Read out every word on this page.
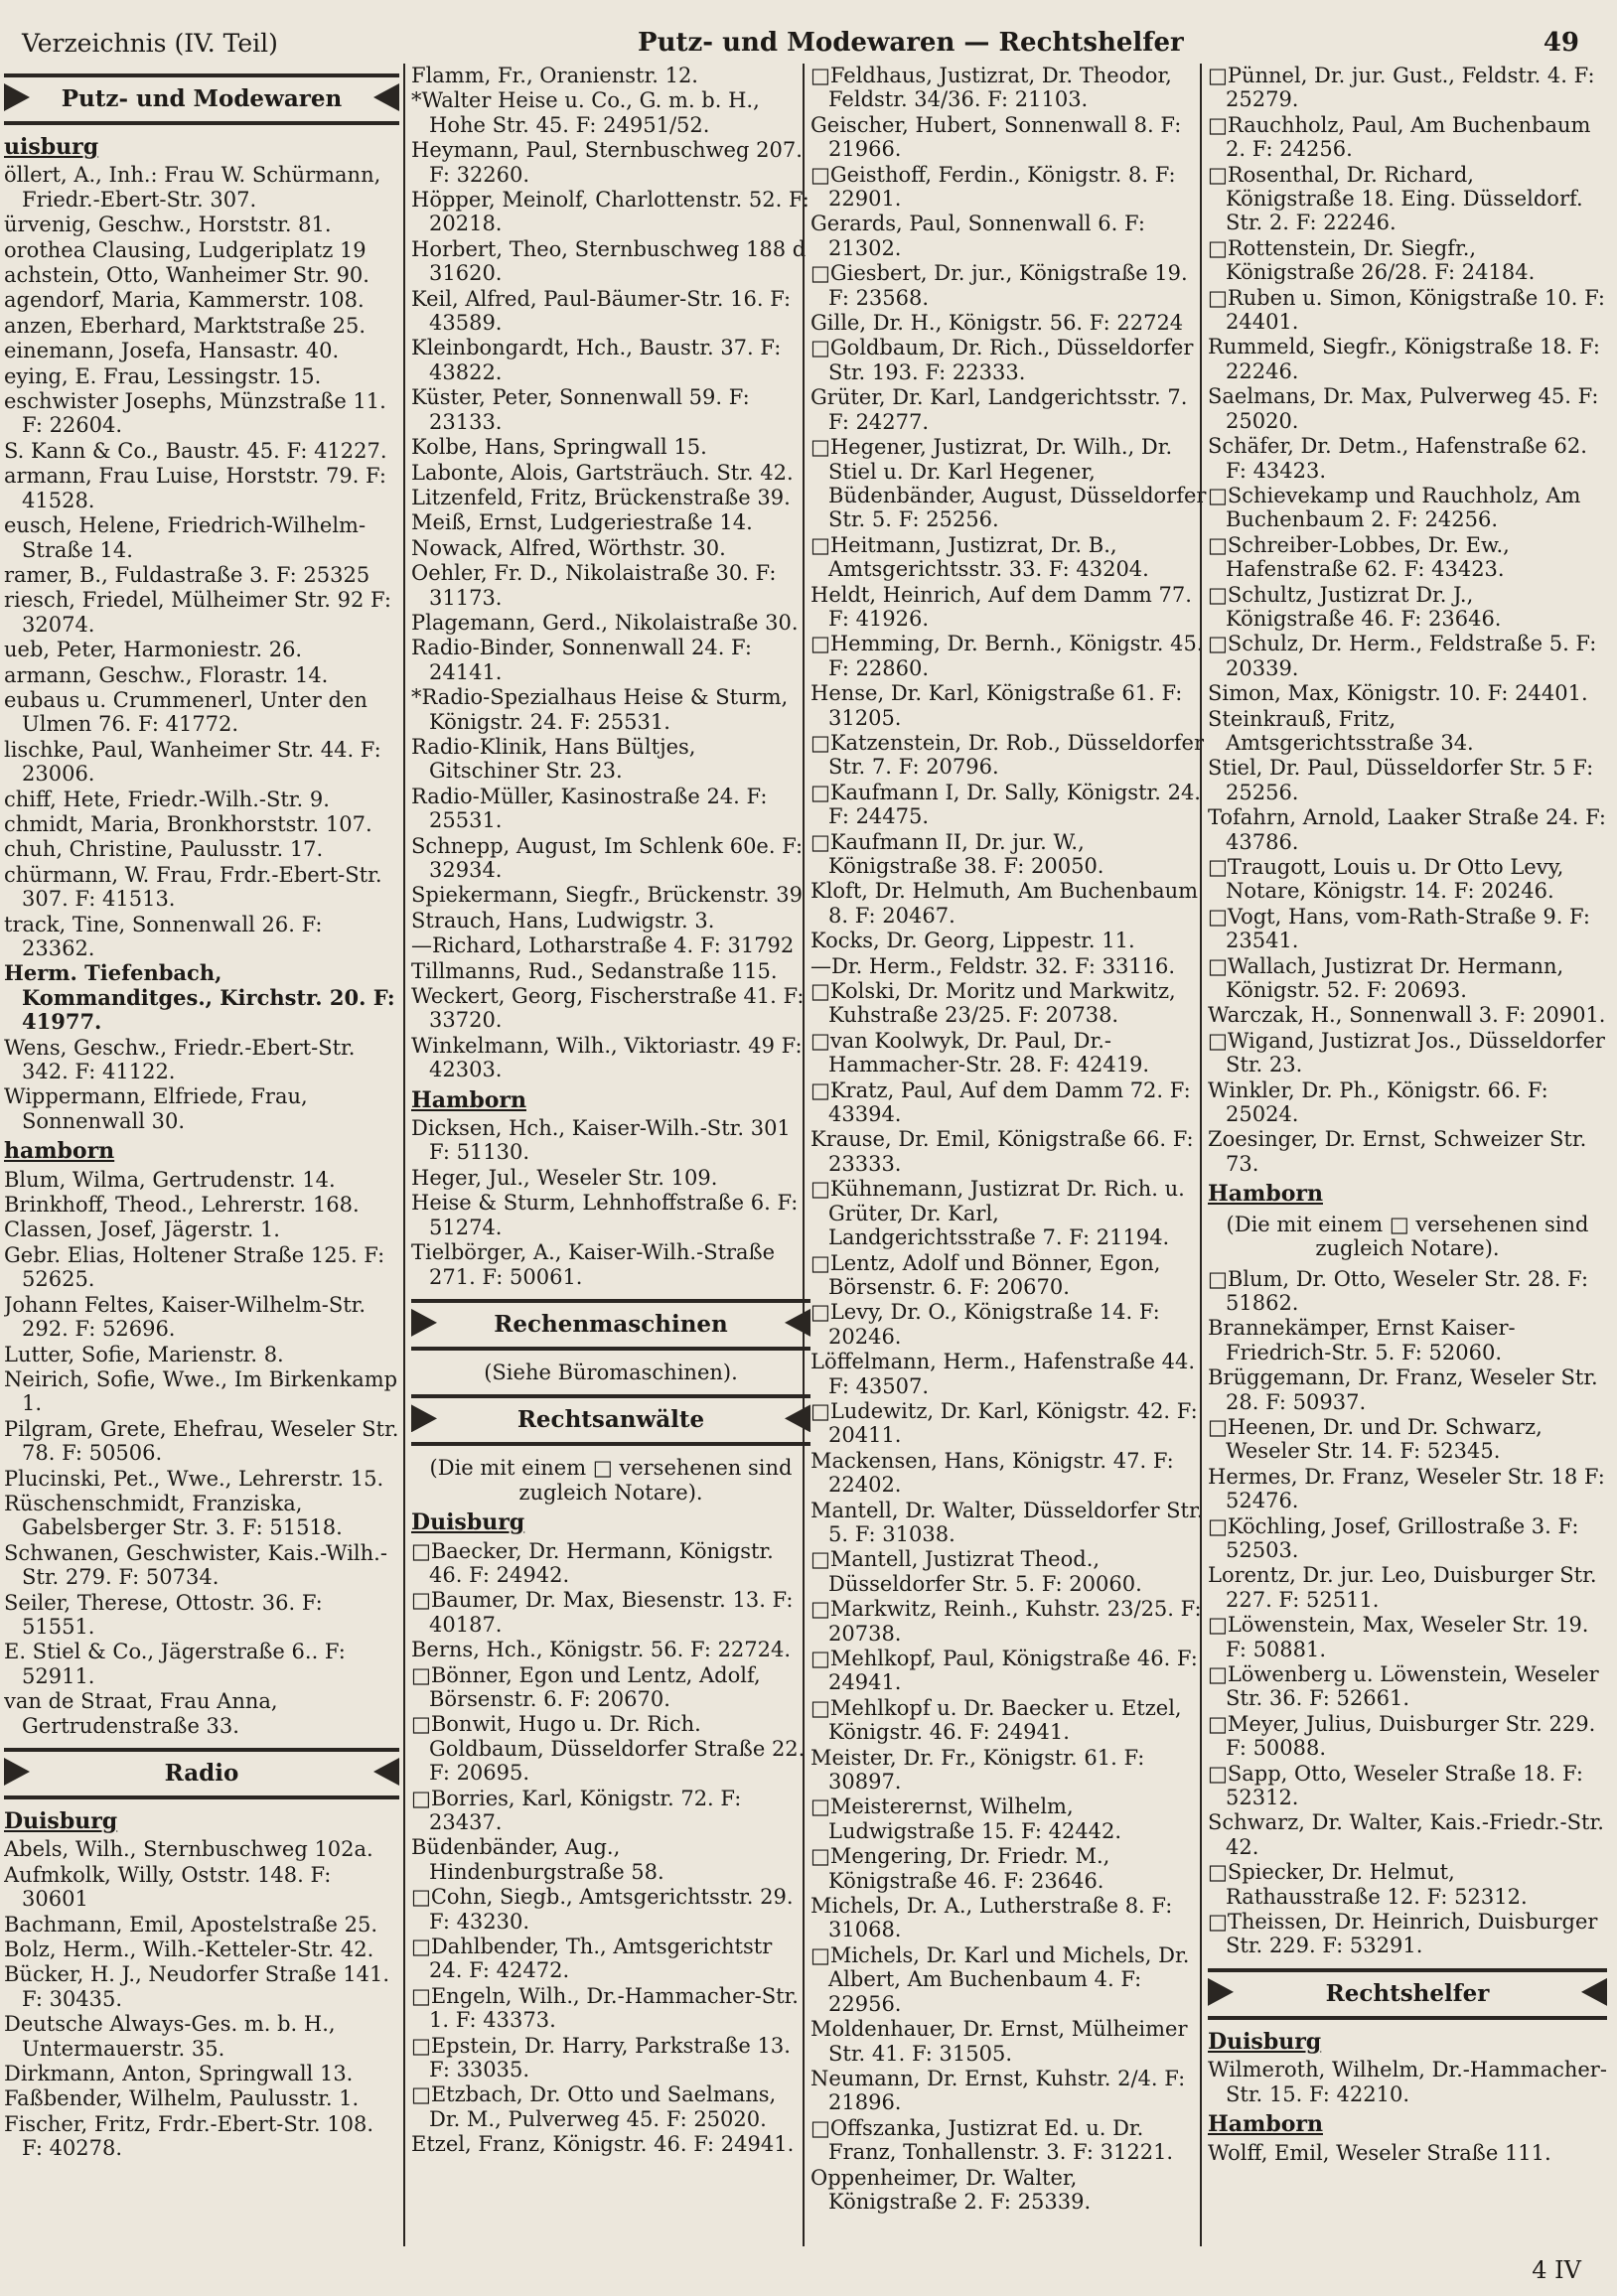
Verzeichnis (IV. Teil)	Putz- und Modewaren — Rechtshelfer	49
Putz- und Modewaren
uisburg
öllert, A., Inh.: Frau W. Schürmann, Friedr.-Ebert-Str. 307.
ürvenig, Geschw., Horststr. 81.
orothea Clausing, Ludgeriplatz 19
achstein, Otto, Wanheimer Str. 90.
agendorf, Maria, Kammerstr. 108.
anzen, Eberhard, Marktstraße 25.
einemann, Josefa, Hansastr. 40.
eying, E. Frau, Lessingstr. 15.
eschwister Josephs, Münzstraße 11. F: 22604.
S. Kann & Co., Baustr. 45. F: 41227.
armann, Frau Luise, Horststr. 79. F: 41528.
eusch, Helene, Friedrich-Wilhelm-Straße 14.
ramer, B., Fuldastraße 3. F: 25325
riesch, Friedel, Mülheimer Str. 92 F: 32074.
ueb, Peter, Harmoniestr. 26.
armann, Geschw., Florastr. 14.
eubaus u. Crummenerl, Unter den Ulmen 76. F: 41772.
lischke, Paul, Wanheimer Str. 44. F: 23006.
chiff, Hete, Friedr.-Wilh.-Str. 9.
chmidt, Maria, Bronkhorststr. 107.
chuh, Christine, Paulusstr. 17.
chürmann, W. Frau, Frdr.-Ebert-Str. 307. F: 41513.
track, Tine, Sonnenwall 26. F: 23362.
Herm. Tiefenbach, Kommanditges., Kirchstr. 20. F: 41977.
Wens, Geschw., Friedr.-Ebert-Str. 342. F: 41122.
Wippermann, Elfriede, Frau, Sonnenwall 30.
hamborn
Blum, Wilma, Gertrudenstr. 14.
Brinkhoff, Theod., Lehrerstr. 168.
Classen, Josef, Jägerstr. 1.
Gebr. Elias, Holtener Straße 125. F: 52625.
Johann Feltes, Kaiser-Wilhelm-Str. 292. F: 52696.
Lutter, Sofie, Marienstr. 8.
Neirich, Sofie, Wwe., Im Birkenkamp 1.
Pilgram, Grete, Ehefrau, Weseler Str. 78. F: 50506.
Plucinski, Pet., Wwe., Lehrerstr. 15.
Rüschenschmidt, Franziska, Gabelsberger Str. 3. F: 51518.
Schwanen, Geschwister, Kais.-Wilh.-Str. 279. F: 50734.
Seiler, Therese, Ottostr. 36. F: 51551.
E. Stiel & Co., Jägerstraße 6.. F: 52911.
van de Straat, Frau Anna, Gertrudenstraße 33.
Radio
Duisburg
Abels, Wilh., Sternbuschweg 102a.
Aufmkolk, Willy, Oststr. 148. F: 30601
Bachmann, Emil, Apostelstraße 25.
Bolz, Herm., Wilh.-Ketteler-Str. 42.
Bücker, H. J., Neudorfer Straße 141. F: 30435.
Deutsche Always-Ges. m. b. H., Untermauerstr. 35.
Dirkmann, Anton, Springwall 13.
Faßbender, Wilhelm, Paulusstr. 1.
Fischer, Fritz, Frdr.-Ebert-Str. 108. F: 40278.
Flamm, Fr., Oranienstr. 12.
*Walter Heise u. Co., G. m. b. H., Hohe Str. 45. F: 24951/52.
Heymann, Paul, Sternbuschweg 207. F: 32260.
Höpper, Meinolf, Charlottenstr. 52. F: 20218.
Horbert, Theo, Sternbuschweg 188 d 31620.
Keil, Alfred, Paul-Bäumer-Str. 16. F: 43589.
Kleinbongardt, Hch., Baustr. 37. F: 43822.
Küster, Peter, Sonnenwall 59. F: 23133.
Kolbe, Hans, Springwall 15.
Labonte, Alois, Gartsträuch. Str. 42.
Litzenfeld, Fritz, Brückenstraße 39.
Meiß, Ernst, Ludgeriestraße 14.
Nowack, Alfred, Wörthstr. 30.
Oehler, Fr. D., Nikolaistraße 30. F: 31173.
Plagemann, Gerd., Nikolaistraße 30.
Radio-Binder, Sonnenwall 24. F: 24141.
*Radio-Spezialhaus Heise & Sturm, Königstr. 24. F: 25531.
Radio-Klinik, Hans Bültjes, Gitschiner Str. 23.
Radio-Müller, Kasinostraße 24. F: 25531.
Schnepp, August, Im Schlenk 60e. F: 32934.
Spiekermann, Siegfr., Brückenstr. 39
Strauch, Hans, Ludwigstr. 3.
—Richard, Lotharstraße 4. F: 31792
Tillmanns, Rud., Sedanstraße 115.
Weckert, Georg, Fischerstraße 41. F: 33720.
Winkelmann, Wilh., Viktoriastr. 49 F: 42303.
Hamborn
Dicksen, Hch., Kaiser-Wilh.-Str. 301 F: 51130.
Heger, Jul., Weseler Str. 109.
Heise & Sturm, Lehnhoffstraße 6. F: 51274.
Tielbörger, A., Kaiser-Wilh.-Straße 271. F: 50061.
Rechenmaschinen
(Siehe Büromaschinen).
Rechtsanwälte
(Die mit einem □ versehenen sind zugleich Notare).
Duisburg
□Baecker, Dr. Hermann, Königstr. 46. F: 24942.
□Baumer, Dr. Max, Biesenstr. 13. F: 40187.
Berns, Hch., Königstr. 56. F: 22724.
□Bönner, Egon und Lentz, Adolf, Börsenstr. 6. F: 20670.
□Bonwit, Hugo u. Dr. Rich. Goldbaum, Düsseldorfer Straße 22. F: 20695.
□Borries, Karl, Königstr. 72. F: 23437.
Büdenbänder, Aug., Hindenburgstraße 58.
□Cohn, Siegb., Amtsgerichtsstr. 29. F: 43230.
□Dahlbender, Th., Amtsgerichtstr 24. F: 42472.
□Engeln, Wilh., Dr.-Hammacher-Str. 1. F: 43373.
□Epstein, Dr. Harry, Parkstraße 13. F: 33035.
□Etzbach, Dr. Otto und Saelmans, Dr. M., Pulverweg 45. F: 25020.
Etzel, Franz, Königstr. 46. F: 24941.
□Feldhaus, Justizrat, Dr. Theodor, Feldstr. 34/36. F: 21103.
Geischer, Hubert, Sonnenwall 8. F: 21966.
□Geisthoff, Ferdin., Königstr. 8. F: 22901.
Gerards, Paul, Sonnenwall 6. F: 21302.
□Giesbert, Dr. jur., Königstraße 19. F: 23568.
Gille, Dr. H., Königstr. 56. F: 22724
□Goldbaum, Dr. Rich., Düsseldorfer Str. 193. F: 22333.
Grüter, Dr. Karl, Landgerichtsstr. 7. F: 24277.
□Hegener, Justizrat, Dr. Wilh., Dr. Stiel u. Dr. Karl Hegener, Büdenbänder, August, Düsseldorfer Str. 5. F: 25256.
□Heitmann, Justizrat, Dr. B., Amtsgerichtsstr. 33. F: 43204.
Heldt, Heinrich, Auf dem Damm 77. F: 41926.
□Hemming, Dr. Bernh., Königstr. 45. F: 22860.
Hense, Dr. Karl, Königstraße 61. F: 31205.
□Katzenstein, Dr. Rob., Düsseldorfer Str. 7. F: 20796.
□Kaufmann I, Dr. Sally, Königstr. 24. F: 24475.
□Kaufmann II, Dr. jur. W., Königstraße 38. F: 20050.
Kloft, Dr. Helmuth, Am Buchenbaum 8. F: 20467.
Kocks, Dr. Georg, Lippestr. 11.
—Dr. Herm., Feldstr. 32. F: 33116.
□Kolski, Dr. Moritz und Markwitz, Kuhstraße 23/25. F: 20738.
□van Koolwyk, Dr. Paul, Dr.-Hammacher-Str. 28. F: 42419.
□Kratz, Paul, Auf dem Damm 72. F: 43394.
Krause, Dr. Emil, Königstraße 66. F: 23333.
□Kühnemann, Justizrat Dr. Rich. u. Grüter, Dr. Karl, Landgerichtsstraße 7. F: 21194.
□Lentz, Adolf und Bönner, Egon, Börsenstr. 6. F: 20670.
□Levy, Dr. O., Königstraße 14. F: 20246.
Löffelmann, Herm., Hafenstraße 44. F: 43507.
□Ludewitz, Dr. Karl, Königstr. 42. F: 20411.
Mackensen, Hans, Königstr. 47. F: 22402.
Mantell, Dr. Walter, Düsseldorfer Str. 5. F: 31038.
□Mantell, Justizrat Theod., Düsseldorfer Str. 5. F: 20060.
□Markwitz, Reinh., Kuhstr. 23/25. F: 20738.
□Mehlkopf, Paul, Königstraße 46. F: 24941.
□Mehlkopf u. Dr. Baecker u. Etzel, Königstr. 46. F: 24941.
Meister, Dr. Fr., Königstr. 61. F: 30897.
□Meisterernst, Wilhelm, Ludwigstraße 15. F: 42442.
□Mengering, Dr. Friedr. M., Königstraße 46. F: 23646.
Michels, Dr. A., Lutherstraße 8. F: 31068.
□Michels, Dr. Karl und Michels, Dr. Albert, Am Buchenbaum 4. F: 22956.
Moldenhauer, Dr. Ernst, Mülheimer Str. 41. F: 31505.
Neumann, Dr. Ernst, Kuhstr. 2/4. F: 21896.
□Offszanka, Justizrat Ed. u. Dr. Franz, Tonhallenstr. 3. F: 31221.
Oppenheimer, Dr. Walter, Königstraße 2. F: 25339.
□Pünnel, Dr. jur. Gust., Feldstr. 4. F: 25279.
□Rauchholz, Paul, Am Buchenbaum 2. F: 24256.
□Rosenthal, Dr. Richard, Königstraße 18. Eing. Düsseldorf. Str. 2. F: 22246.
□Rottenstein, Dr. Siegfr., Königstraße 26/28. F: 24184.
□Ruben u. Simon, Königstraße 10. F: 24401.
Rummeld, Siegfr., Königstraße 18. F: 22246.
Saelmans, Dr. Max, Pulverweg 45. F: 25020.
Schäfer, Dr. Detm., Hafenstraße 62. F: 43423.
□Schievekamp und Rauchholz, Am Buchenbaum 2. F: 24256.
□Schreiber-Lobbes, Dr. Ew., Hafenstraße 62. F: 43423.
□Schultz, Justizrat Dr. J., Königstraße 46. F: 23646.
□Schulz, Dr. Herm., Feldstraße 5. F: 20339.
Simon, Max, Königstr. 10. F: 24401.
Steinkrauß, Fritz, Amtsgerichtsstraße 34.
Stiel, Dr. Paul, Düsseldorfer Str. 5 F: 25256.
Tofahrn, Arnold, Laaker Straße 24. F: 43786.
□Traugott, Louis u. Dr Otto Levy, Notare, Königstr. 14. F: 20246.
□Vogt, Hans, vom-Rath-Straße 9. F: 23541.
□Wallach, Justizrat Dr. Hermann, Königstr. 52. F: 20693.
Warczak, H., Sonnenwall 3. F: 20901.
□Wigand, Justizrat Jos., Düsseldorfer Str. 23.
Winkler, Dr. Ph., Königstr. 66. F: 25024.
Zoesinger, Dr. Ernst, Schweizer Str. 73.
Hamborn
(Die mit einem □ versehenen sind zugleich Notare).
□Blum, Dr. Otto, Weseler Str. 28. F: 51862.
Brannekämper, Ernst Kaiser-Friedrich-Str. 5. F: 52060.
Brüggemann, Dr. Franz, Weseler Str. 28. F: 50937.
□Heenen, Dr. und Dr. Schwarz, Weseler Str. 14. F: 52345.
Hermes, Dr. Franz, Weseler Str. 18 F: 52476.
□Köchling, Josef, Grillostraße 3. F: 52503.
Lorentz, Dr. jur. Leo, Duisburger Str. 227. F: 52511.
□Löwenstein, Max, Weseler Str. 19. F: 50881.
□Löwenberg u. Löwenstein, Weseler Str. 36. F: 52661.
□Meyer, Julius, Duisburger Str. 229. F: 50088.
□Sapp, Otto, Weseler Straße 18. F: 52312.
Schwarz, Dr. Walter, Kais.-Friedr.-Str. 42.
□Spiecker, Dr. Helmut, Rathausstraße 12. F: 52312.
□Theissen, Dr. Heinrich, Duisburger Str. 229. F: 53291.
Rechtshelfer
Duisburg
Wilmeroth, Wilhelm, Dr.-Hammacher-Str. 15. F: 42210.
Hamborn
Wolff, Emil, Weseler Straße 111.
4 IV
